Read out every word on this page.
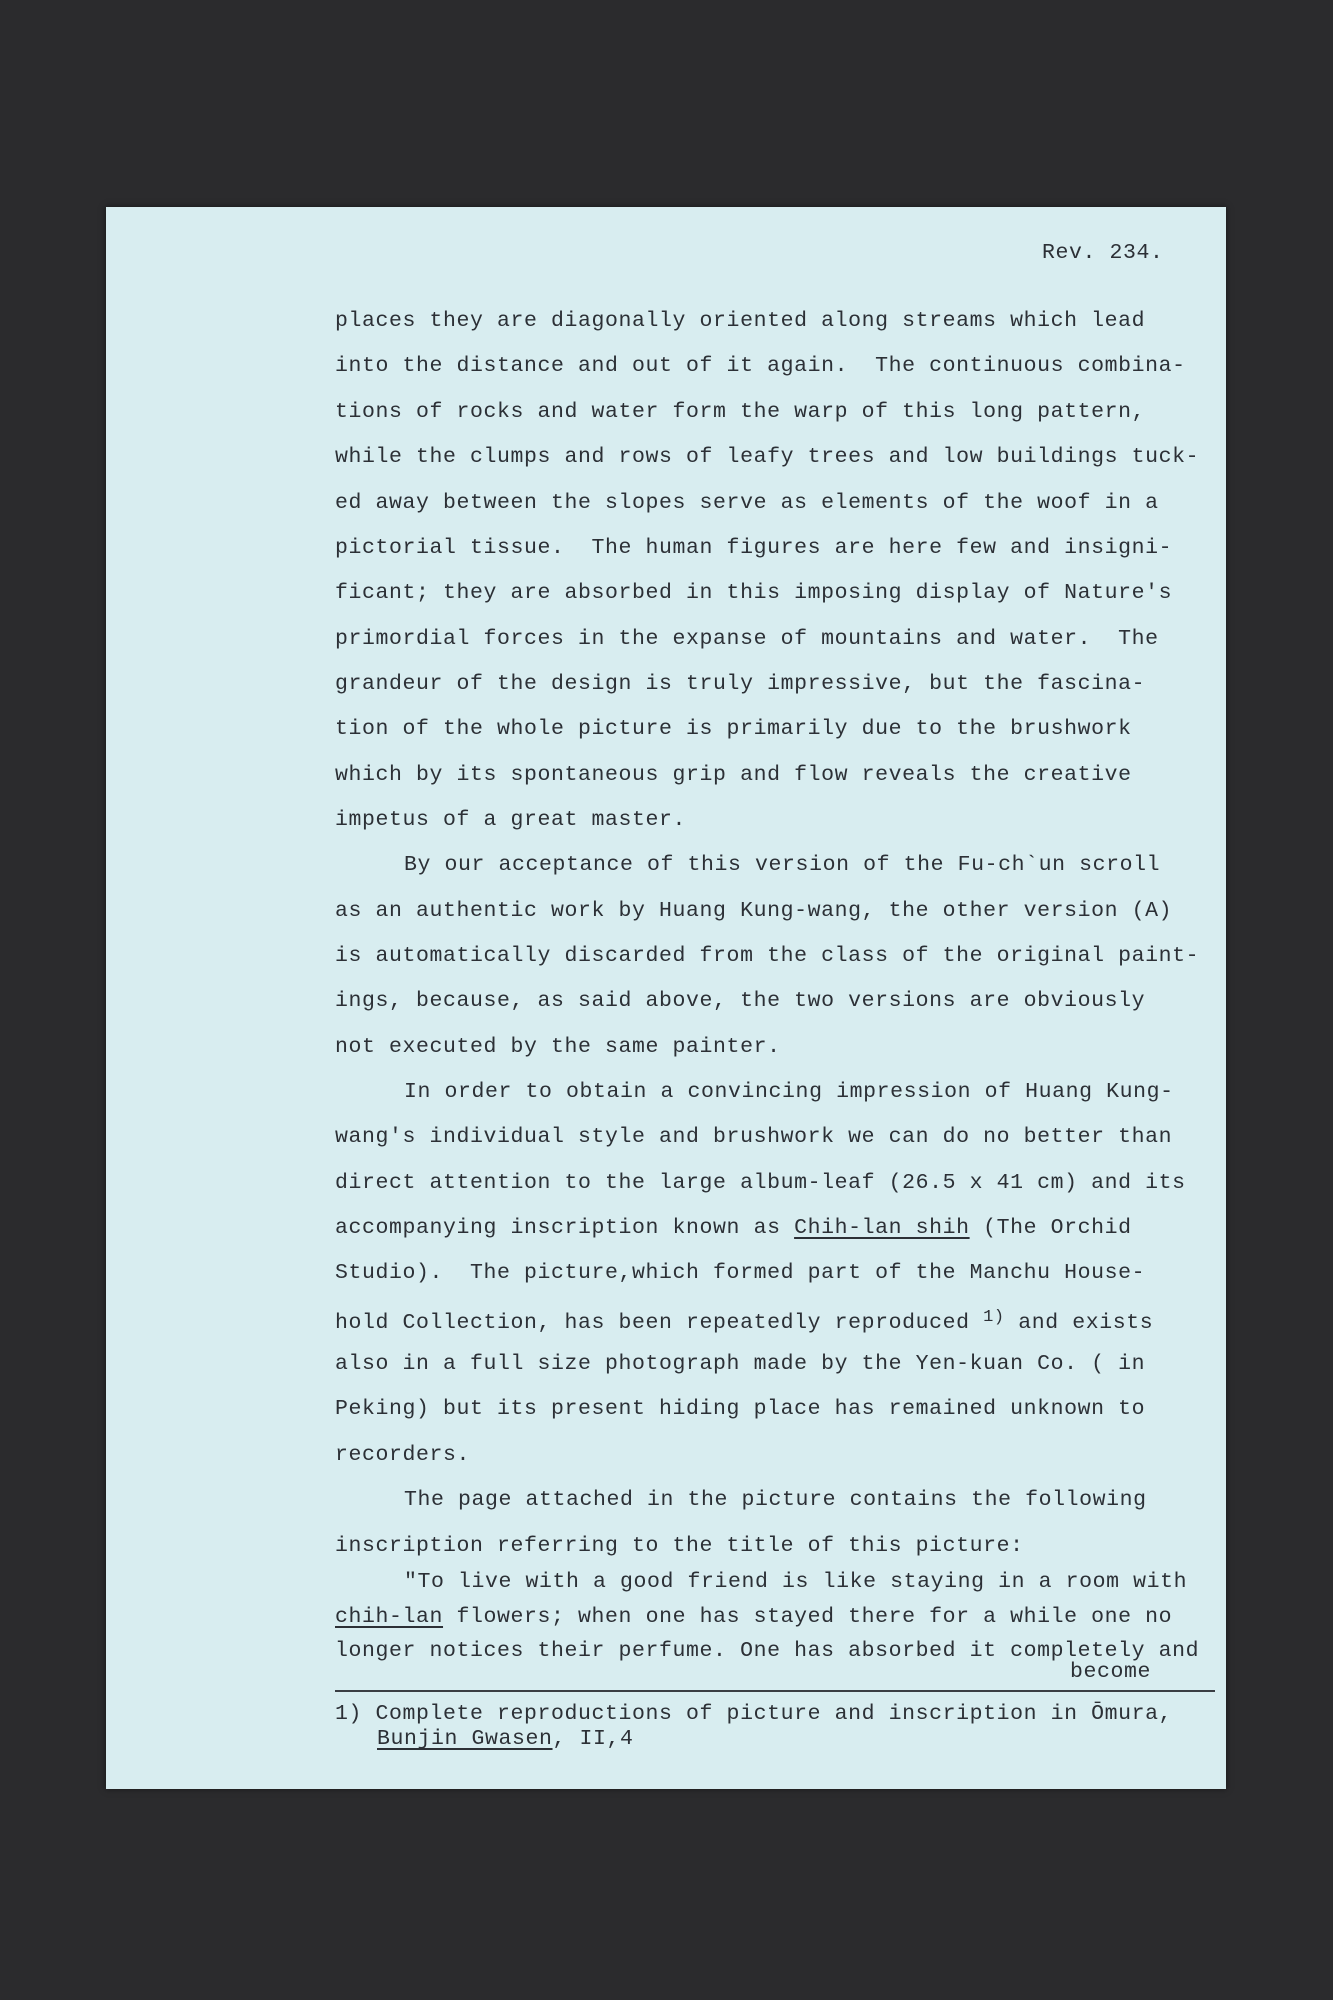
Rev. 234.
places they are diagonally oriented along streams which lead
into the distance and out of it again.  The continuous combina-
tions of rocks and water form the warp of this long pattern,
while the clumps and rows of leafy trees and low buildings tuck-
ed away between the slopes serve as elements of the woof in a
pictorial tissue.  The human figures are here few and insigni-
ficant; they are absorbed in this imposing display of Nature's
primordial forces in the expanse of mountains and water.  The
grandeur of the design is truly impressive, but the fascina-
tion of the whole picture is primarily due to the brushwork
which by its spontaneous grip and flow reveals the creative
impetus of a great master.
By our acceptance of this version of the Fu-ch`un scroll
as an authentic work by Huang Kung-wang, the other version (A)
is automatically discarded from the class of the original paint-
ings, because, as said above, the two versions are obviously
not executed by the same painter.
In order to obtain a convincing impression of Huang Kung-
wang's individual style and brushwork we can do no better than
direct attention to the large album-leaf (26.5 x 41 cm) and its
accompanying inscription known as Chih-lan shih (The Orchid
Studio).  The picture,which formed part of the Manchu House-
hold Collection, has been repeatedly reproduced $^{1)}$ and exists
also in a full size photograph made by the Yen-kuan Co. ( in
Peking) but its present hiding place has remained unknown to
recorders.
The page attached in the picture contains the following
inscription referring to the title of this picture:
"To live with a good friend is like staying in a room with
chih-lan flowers; when one has stayed there for a while one no
longer notices their perfume. One has absorbed it completely and
become
1) Complete reproductions of picture and inscription in Ōmura,
Bunjin Gwasen, II,4
